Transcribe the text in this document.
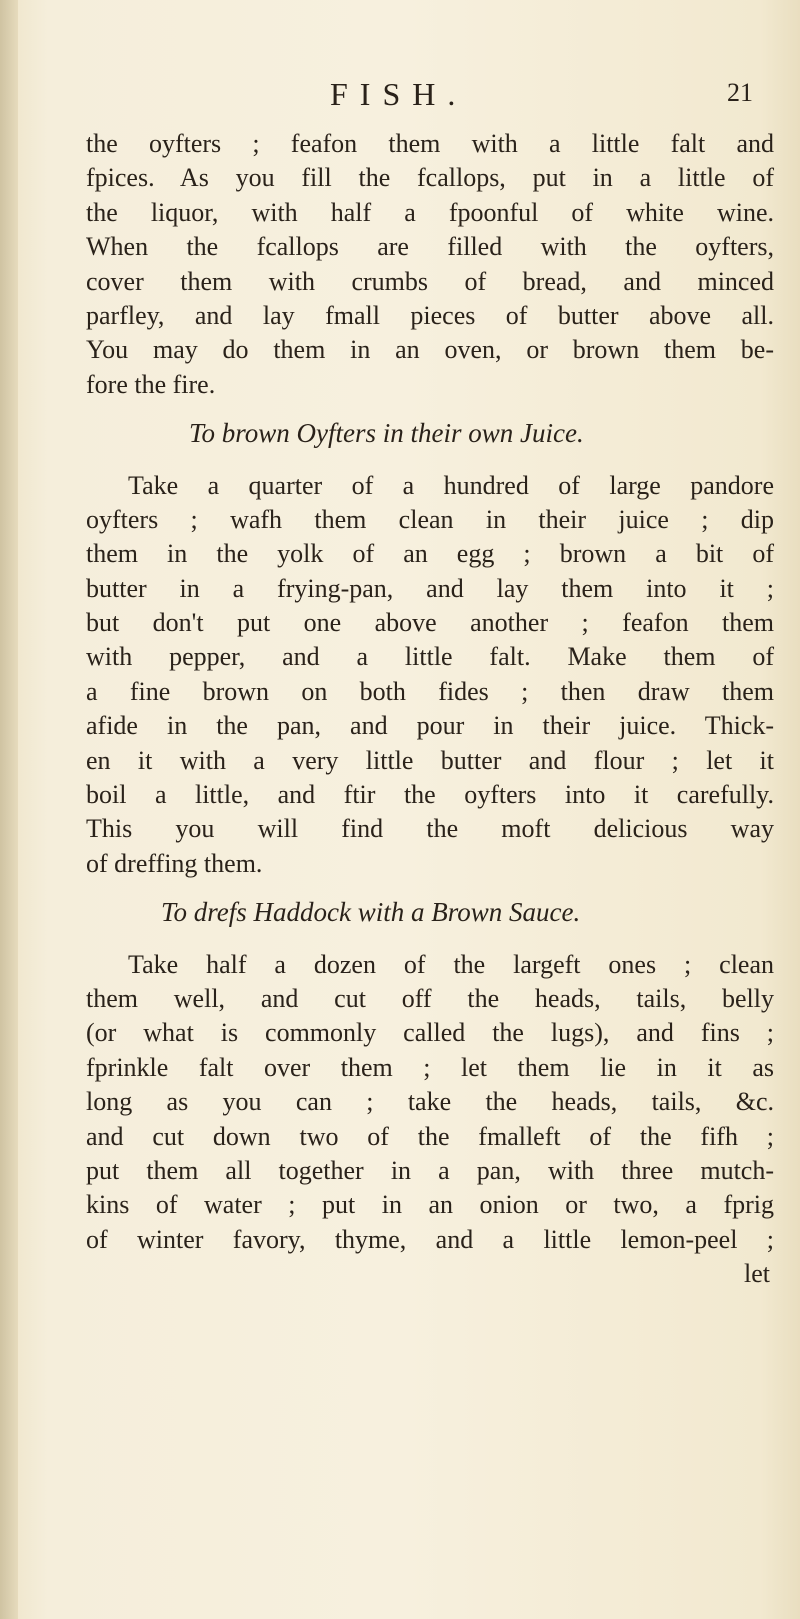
FISH.	21
the oyfters ; feafon them with a little falt and
fpices. As you fill the fcallops, put in a little of
the liquor, with half a fpoonful of white wine.
When the fcallops are filled with the oyfters,
cover them with crumbs of bread, and minced
parfley, and lay fmall pieces of butter above all.
You may do them in an oven, or brown them be-
fore the fire.
To brown Oyfters in their own Juice.
Take a quarter of a hundred of large pandore
oyfters ; wafh them clean in their juice ; dip
them in the yolk of an egg ; brown a bit of
butter in a frying-pan, and lay them into it ;
but don't put one above another ; feafon them
with pepper, and a little falt. Make them of
a fine brown on both fides ; then draw them
afide in the pan, and pour in their juice. Thick-
en it with a very little butter and flour ; let it
boil a little, and ftir the oyfters into it carefully.
This you will find the moft delicious way
of dreffing them.
To drefs Haddock with a Brown Sauce.
Take half a dozen of the largeft ones ; clean
them well, and cut off the heads, tails, belly
(or what is commonly called the lugs), and fins ;
fprinkle falt over them ; let them lie in it as
long as you can ; take the heads, tails, &c.
and cut down two of the fmalleft of the fifh ;
put them all together in a pan, with three mutch-
kins of water ; put in an onion or two, a fprig
of winter favory, thyme, and a little lemon-peel ;
let
